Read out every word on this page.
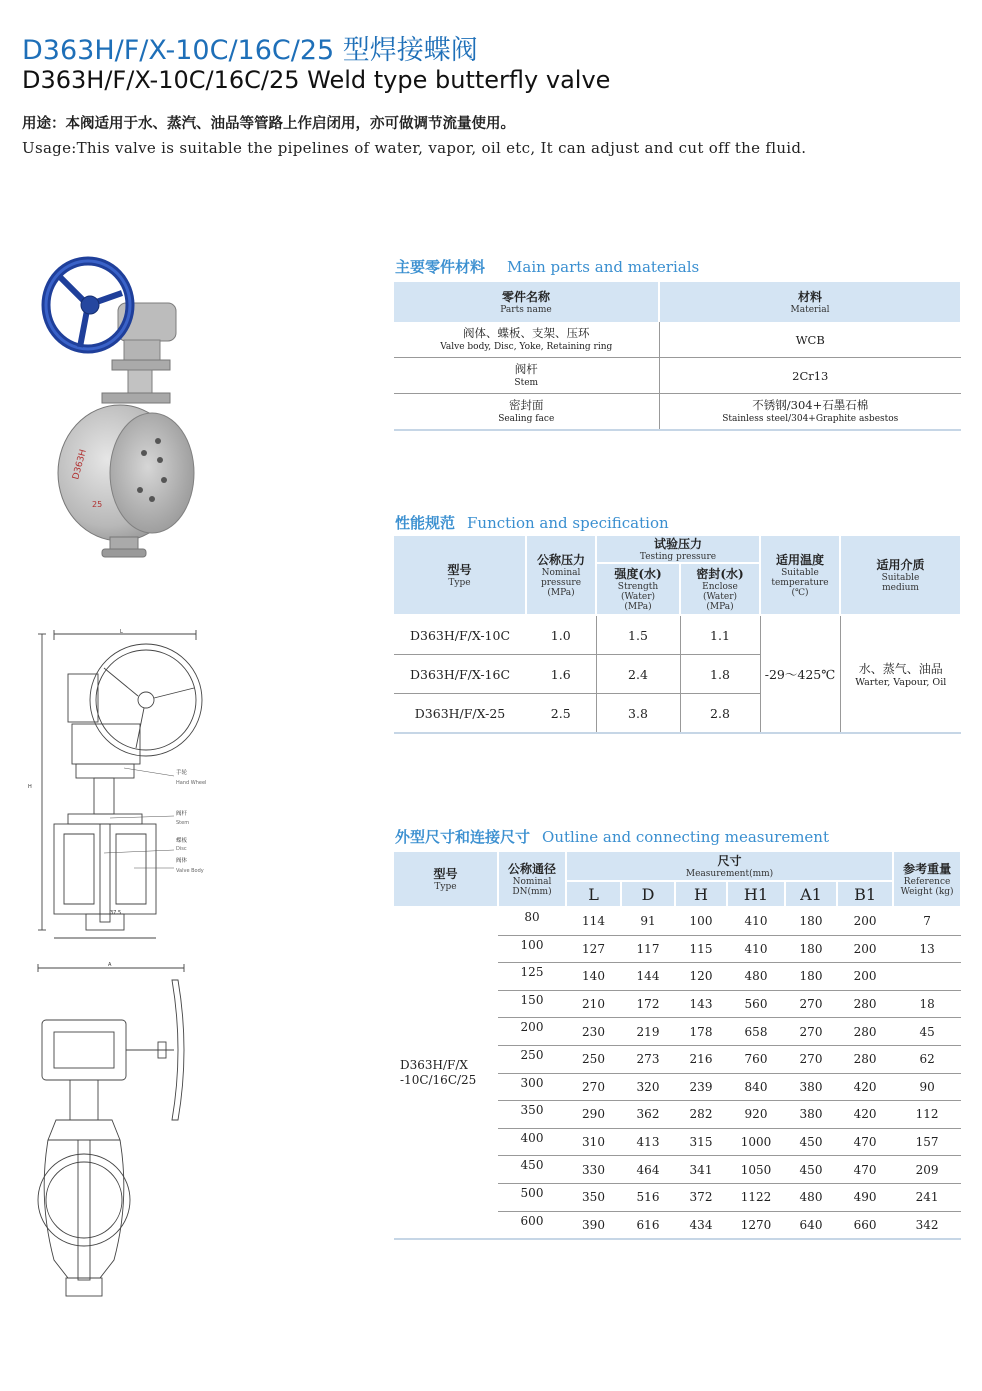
D363H/F/X-10C/16C/25 型焊接蝶阀
D363H/F/X-10C/16C/25 Weld type butterfly valve
用途：本阀适用于水、蒸汽、油品等管路上作启闭用，亦可做调节流量使用。
Usage:This valve is suitable the pipelines of water, vapor, oil etc, It can adjust and cut off the fluid.
D363H
25
L
H
37.5
手轮
Hand Wheel
阀杆
Stem
蝶板
Disc
阀体
Valve Body
A
主要零件材料 Main parts and materials
零件名称
Parts name	材料
Material

阀体、蝶板、支架、压环
Valve body, Disc, Yoke, Retaining ring	WCB

阀杆
Stem	2Cr13

密封面
Sealing face	不锈钢/304+石墨石棉
Stainless steel/304+Graphite asbestos
性能规范 Function and specification
型号
Type	公称压力
Nominal
pressure
(MPa)	试验压力
Testing pressure		适用温度
Suitable
temperature
(℃)	适用介质
Suitable
medium

		强度(水)
Strength
(Water)
(MPa)	密封(水)
Enclose
(Water)
(MPa)		

D363H/F/X-10C	1.0	1.5	1.1	-29～425℃	水、蒸气、油品
Warter, Vapour, Oil

D363H/F/X-16C	1.6	2.4	1.8		
D363H/F/X-25	2.5	3.8	2.8		
外型尺寸和连接尺寸 Outline and connecting measurement
型号
Type	公称通径
Nominal
DN(mm)	尺寸
Measurement(mm)						参考重量
Reference
Weight (kg)

		L	D	H	H1	A1	B1	

D363H/F/X
-10C/16C/25	80	114	91	100	410	180	200	7
	100	127	117	115	410	180	200	13
	125	140	144	120	480	180	200	
	150	210	172	143	560	270	280	18
	200	230	219	178	658	270	280	45
	250	250	273	216	760	270	280	62
	300	270	320	239	840	380	420	90
	350	290	362	282	920	380	420	112
	400	310	413	315	1000	450	470	157
	450	330	464	341	1050	450	470	209
	500	350	516	372	1122	480	490	241
	600	390	616	434	1270	640	660	342
